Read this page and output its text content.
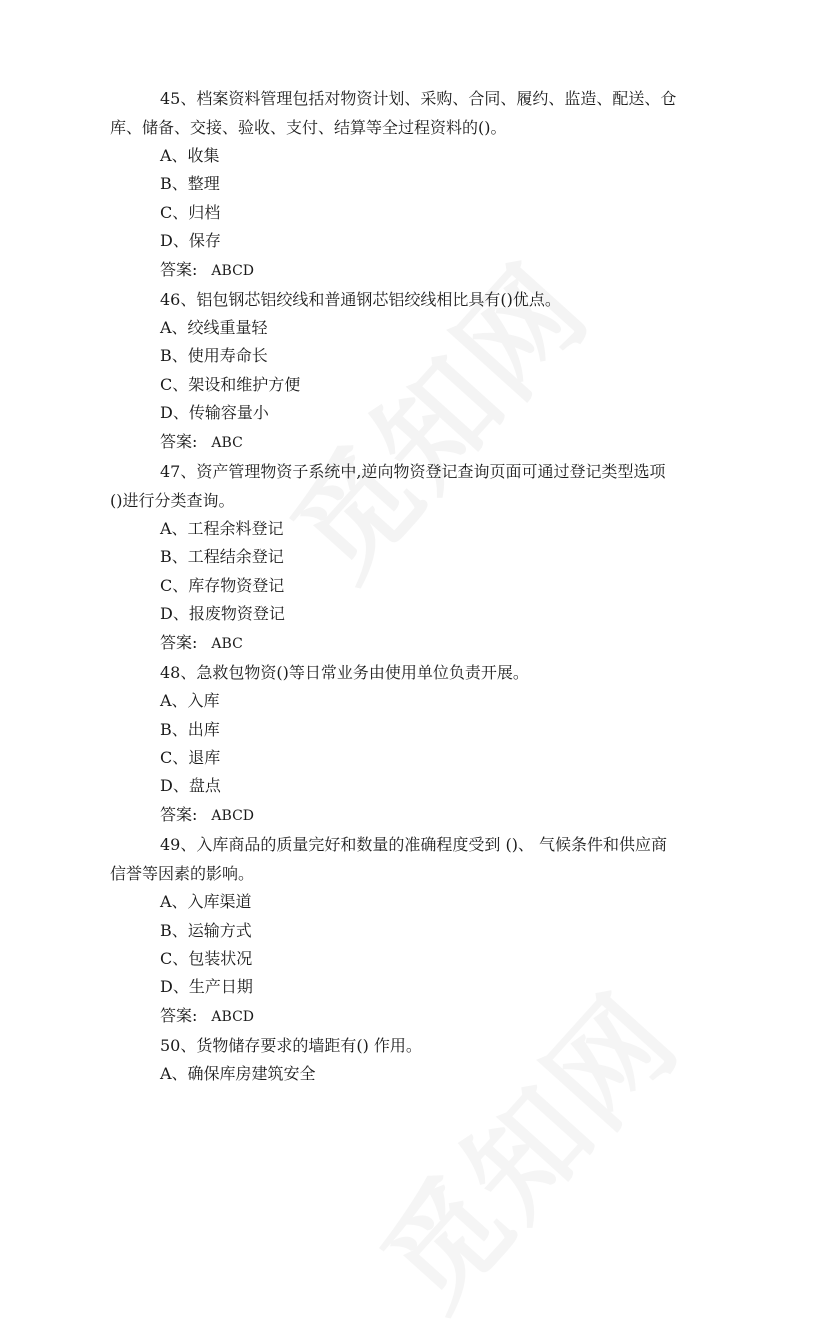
45、档案资料管理包括对物资计划、采购、合同、履约、监造、配送、仓

库、储备、交接、验收、支付、结算等全过程资料的()。

A、收集

B、整理

C、归档

D、保存

答案: ABCD

46、铝包钢芯铝绞线和普通钢芯铝绞线相比具有()优点。

A、绞线重量轻

B、使用寿命长

C、架设和维护方便

D、传输容量小

答案: ABC

47、资产管理物资子系统中,逆向物资登记查询页面可通过登记类型选项

()进行分类查询。

A、工程余料登记

B、工程结余登记

C、库存物资登记

D、报废物资登记

答案: ABC

48、急救包物资()等日常业务由使用单位负责开展。

A、入库

B、出库

C、退库

D、盘点

答案: ABCD

49、入库商品的质量完好和数量的准确程度受到 ()、 气候条件和供应商

信誉等因素的影响。

A、入库渠道

B、运输方式

C、包装状况

D、生产日期

答案: ABCD

50、货物储存要求的墙距有() 作用。

A、确保库房建筑安全
